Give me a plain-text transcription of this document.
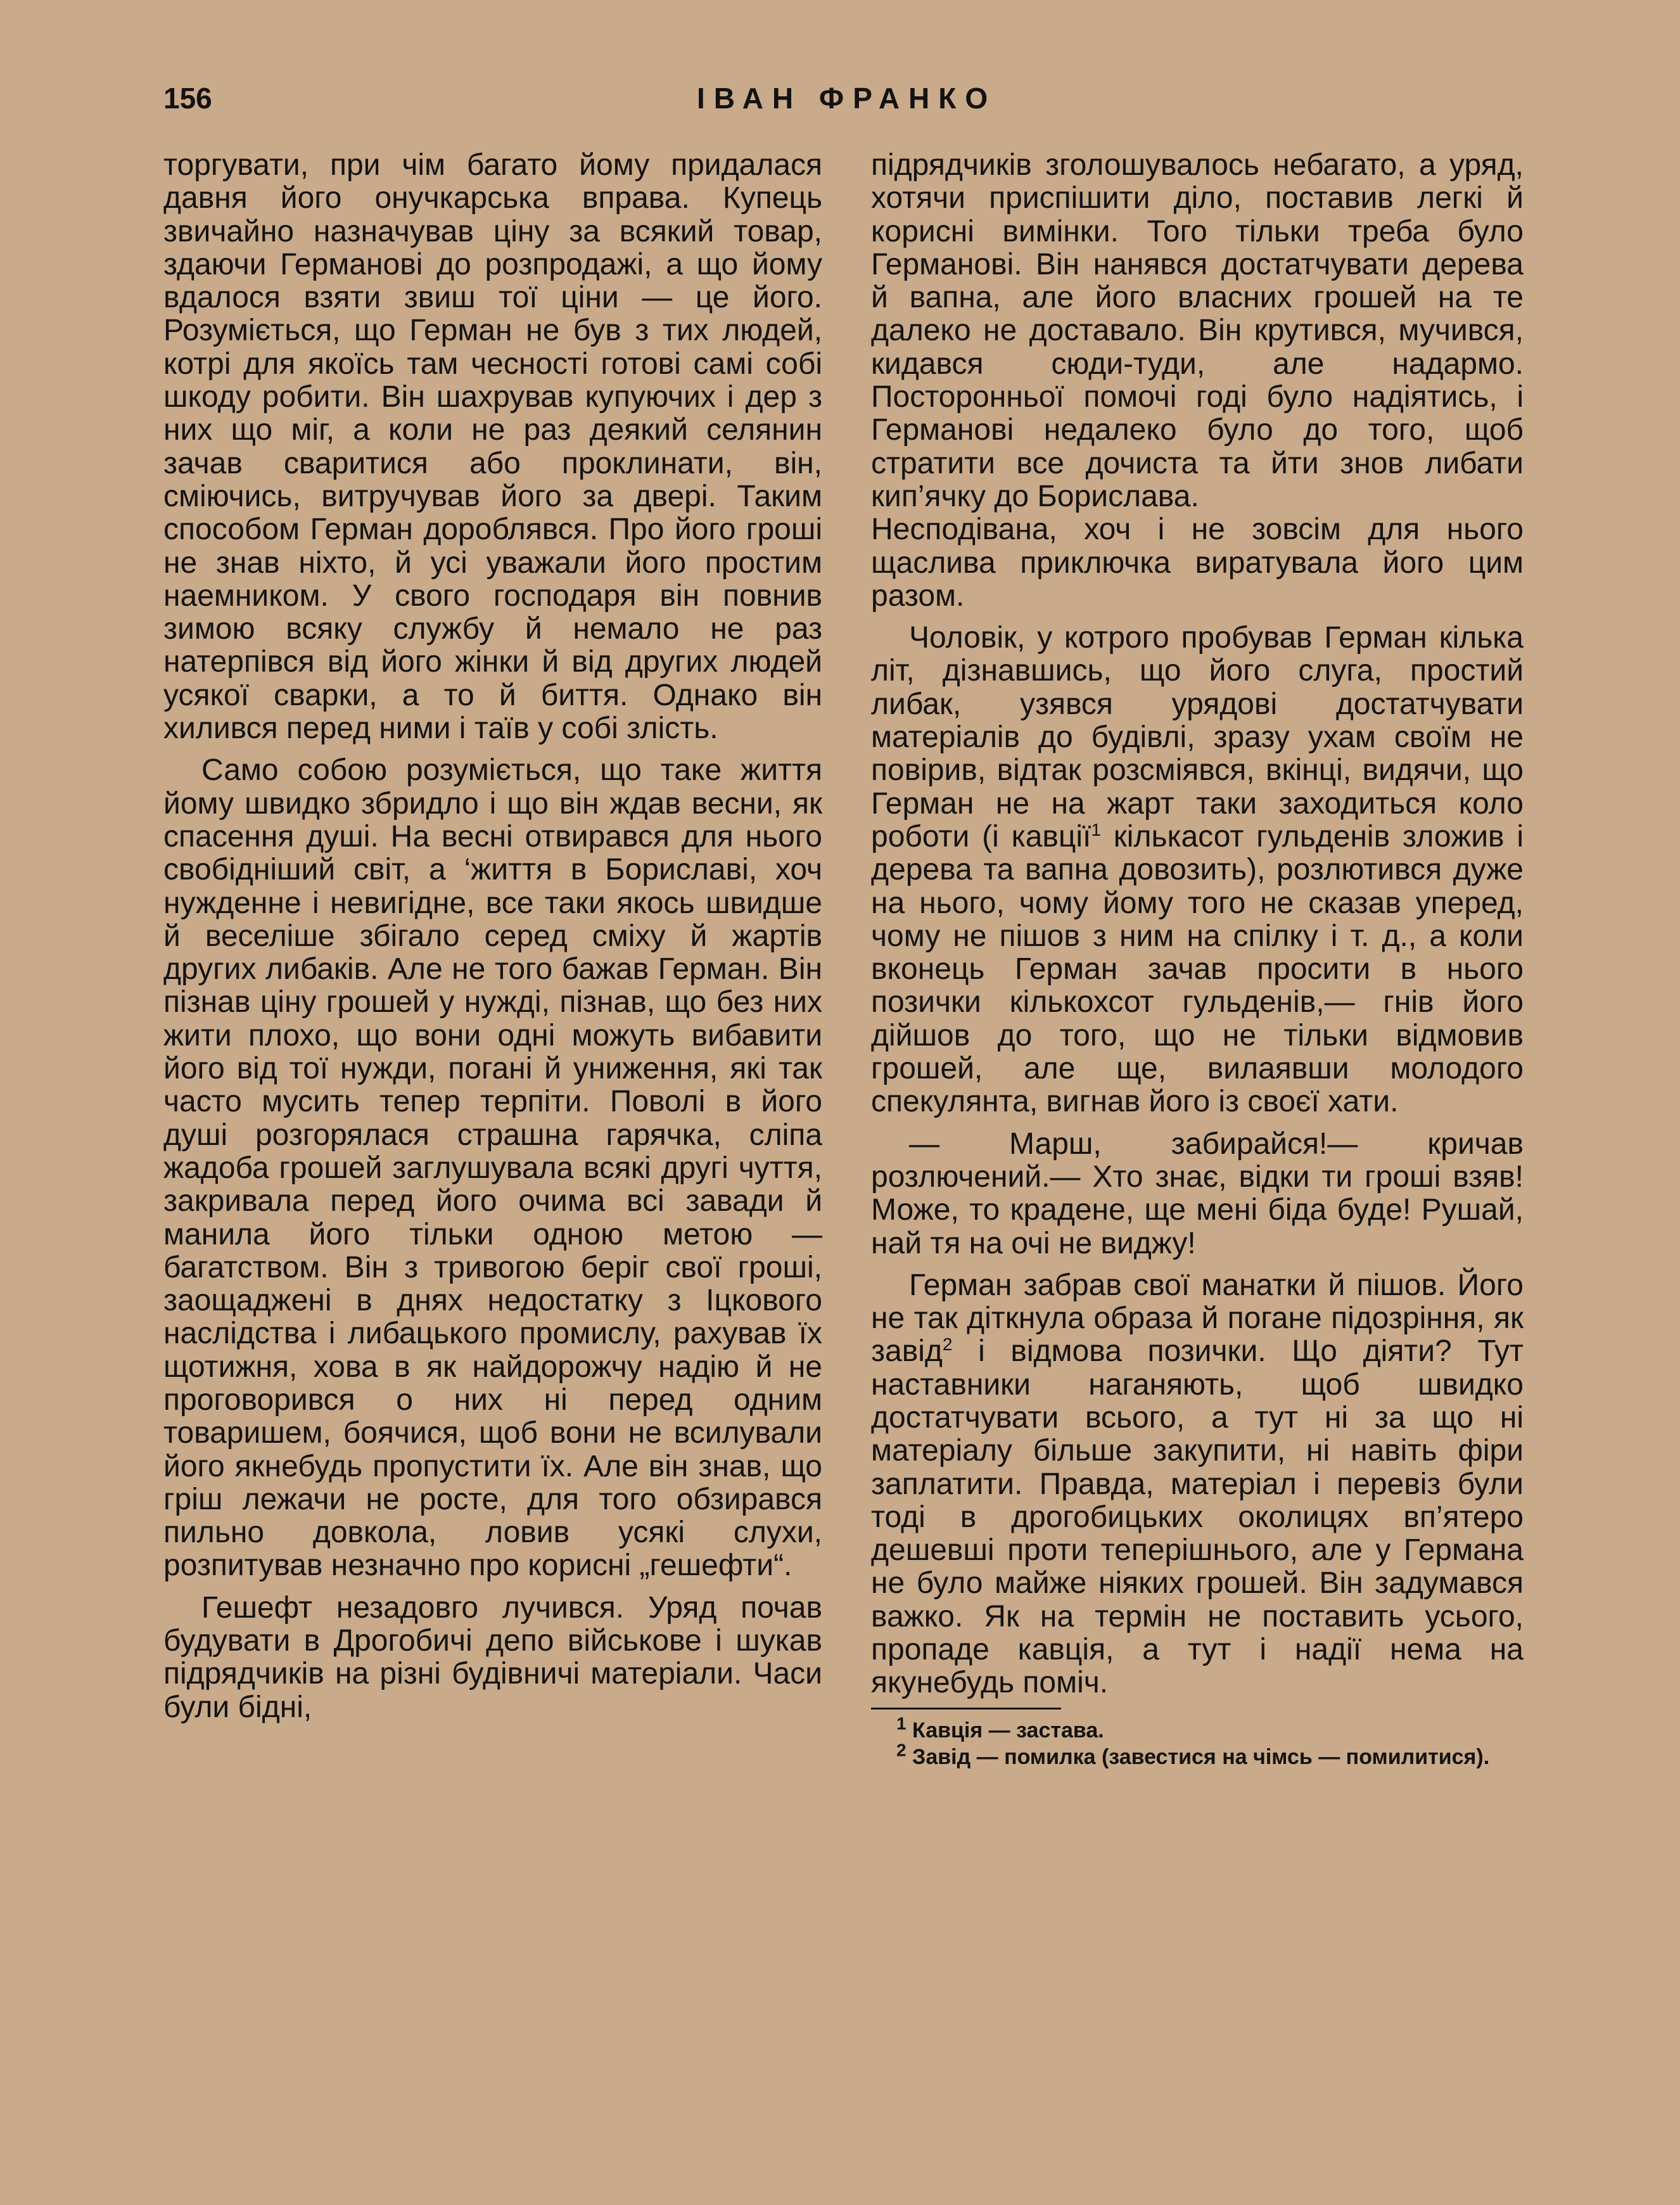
156	ІВАН ФРАНКО

торгувати, при чім багато йому придалася давня його онучкарська вправа. Купець звичайно назначував ціну за всякий товар, здаючи Германові до розпродажі, а що йому вдалося взяти звиш тої ціни — це його. Розуміється, що Герман не був з тих людей, котрі для якоїсь там чесності готові самі собі шкоду робити. Він шахрував купуючих і дер з них що міг, а коли не раз деякий селянин зачав сваритися або проклинати, він, сміючись, витручував його за двері. Таким способом Герман дороблявся. Про його гроші не знав ніхто, й усі уважали його простим наемником. У свого господаря він повнив зимою всяку службу й немало не раз натерпівся від його жінки й від других людей усякої сварки, а то й биття. Однако він хилився перед ними і таїв у собі злість.

Само собою розуміється, що таке життя йому швидко збридло і що він ждав весни, як спасення душі. На весні отвирався для нього свобідніший світ, а ‘життя в Бориславі, хоч нужденне і невигідне, все таки якось швидше й веселіше збігало серед сміху й жартів других либаків. Але не того бажав Герман. Він пізнав ціну грошей у нужді, пізнав, що без них жити плохо, що вони одні можуть вибавити його від тої нужди, погані й униження, які так часто мусить тепер терпіти. Поволі в його душі розгорялася страшна гарячка, сліпа жадоба грошей заглушувала всякі другі чуття, закривала перед його очима всі завади й манила його тільки одною метою — багатством. Він з тривогою беріг свої гроші, заощаджені в днях недостатку з Іцкового наслідства і либацького промислу, рахував їх щотижня, хова в як найдорожчу надію й не проговорився о них ні перед одним товаришем, боячися, щоб вони не всилували його якнебудь пропустити їх. Але він знав, що гріш лежачи не росте, для того обзирався пильно довкола, ловив усякі слухи, розпитував незначно про корисні „гешефти“.

Гешефт незадовго лучився. Уряд почав будувати в Дрогобичі депо військове і шукав підрядчиків на різні будівничі матеріали. Часи були бідні,

підрядчиків зголошувалось небагато, а уряд, хотячи приспішити діло, поставив легкі й корисні вимінки. Того тільки треба було Германові. Він нанявся достатчувати дерева й вапна, але його власних грошей на те далеко не доставало. Він крутився, мучився, кидався сюди-туди, але надармо. Посторонньої помочі годі було надіятись, і Германові недалеко було до того, щоб стратити все дочиста та йти знов либати кип’ячку до Борислава.

Несподівана, хоч і не зовсім для нього щаслива приключка виратувала його цим разом.

Чоловік, у котрого пробував Герман кілька літ, дізнавшись, що його слуга, простий либак, узявся урядові достатчувати матеріалів до будівлі, зразу ухам своїм не повірив, відтак розсміявся, вкінці, видячи, що Герман не на жарт таки заходиться коло роботи (і кавції$^1$ кількасот гульденів зложив і дерева та вапна довозить), розлютився дуже на нього, чому йому того не сказав уперед, чому не пішов з ним на спілку і т. д., а коли вконець Герман зачав просити в нього позички кількохсот гульденів,— гнів його дійшов до того, що не тільки відмовив грошей, але ще, вилаявши молодого спекулянта, вигнав його із своєї хати.

— Марш, забирайся!— кричав розлючений.— Хто знає, відки ти гроші взяв! Може, то крадене, ще мені біда буде! Рушай, най тя на очі не виджу!

Герман забрав свої манатки й пішов. Його не так діткнула образа й погане підозріння, як завід$^2$ і відмова позички. Що діяти? Тут наставники наганяють, щоб швидко достатчувати всього, а тут ні за що ні матеріалу більше закупити, ні навіть фіри заплатити. Правда, матеріал і перевіз були тоді в дрогобицьких околицях вп’ятеро дешевші проти теперішнього, але у Германа не було майже ніяких грошей. Він задумався важко. Як на термін не поставить усього, пропаде кавція, а тут і надії нема на якунебудь поміч.

$^1$ Кавція — застава.

$^2$ Завід — помилка (завестися на чімсь — помилитися).
